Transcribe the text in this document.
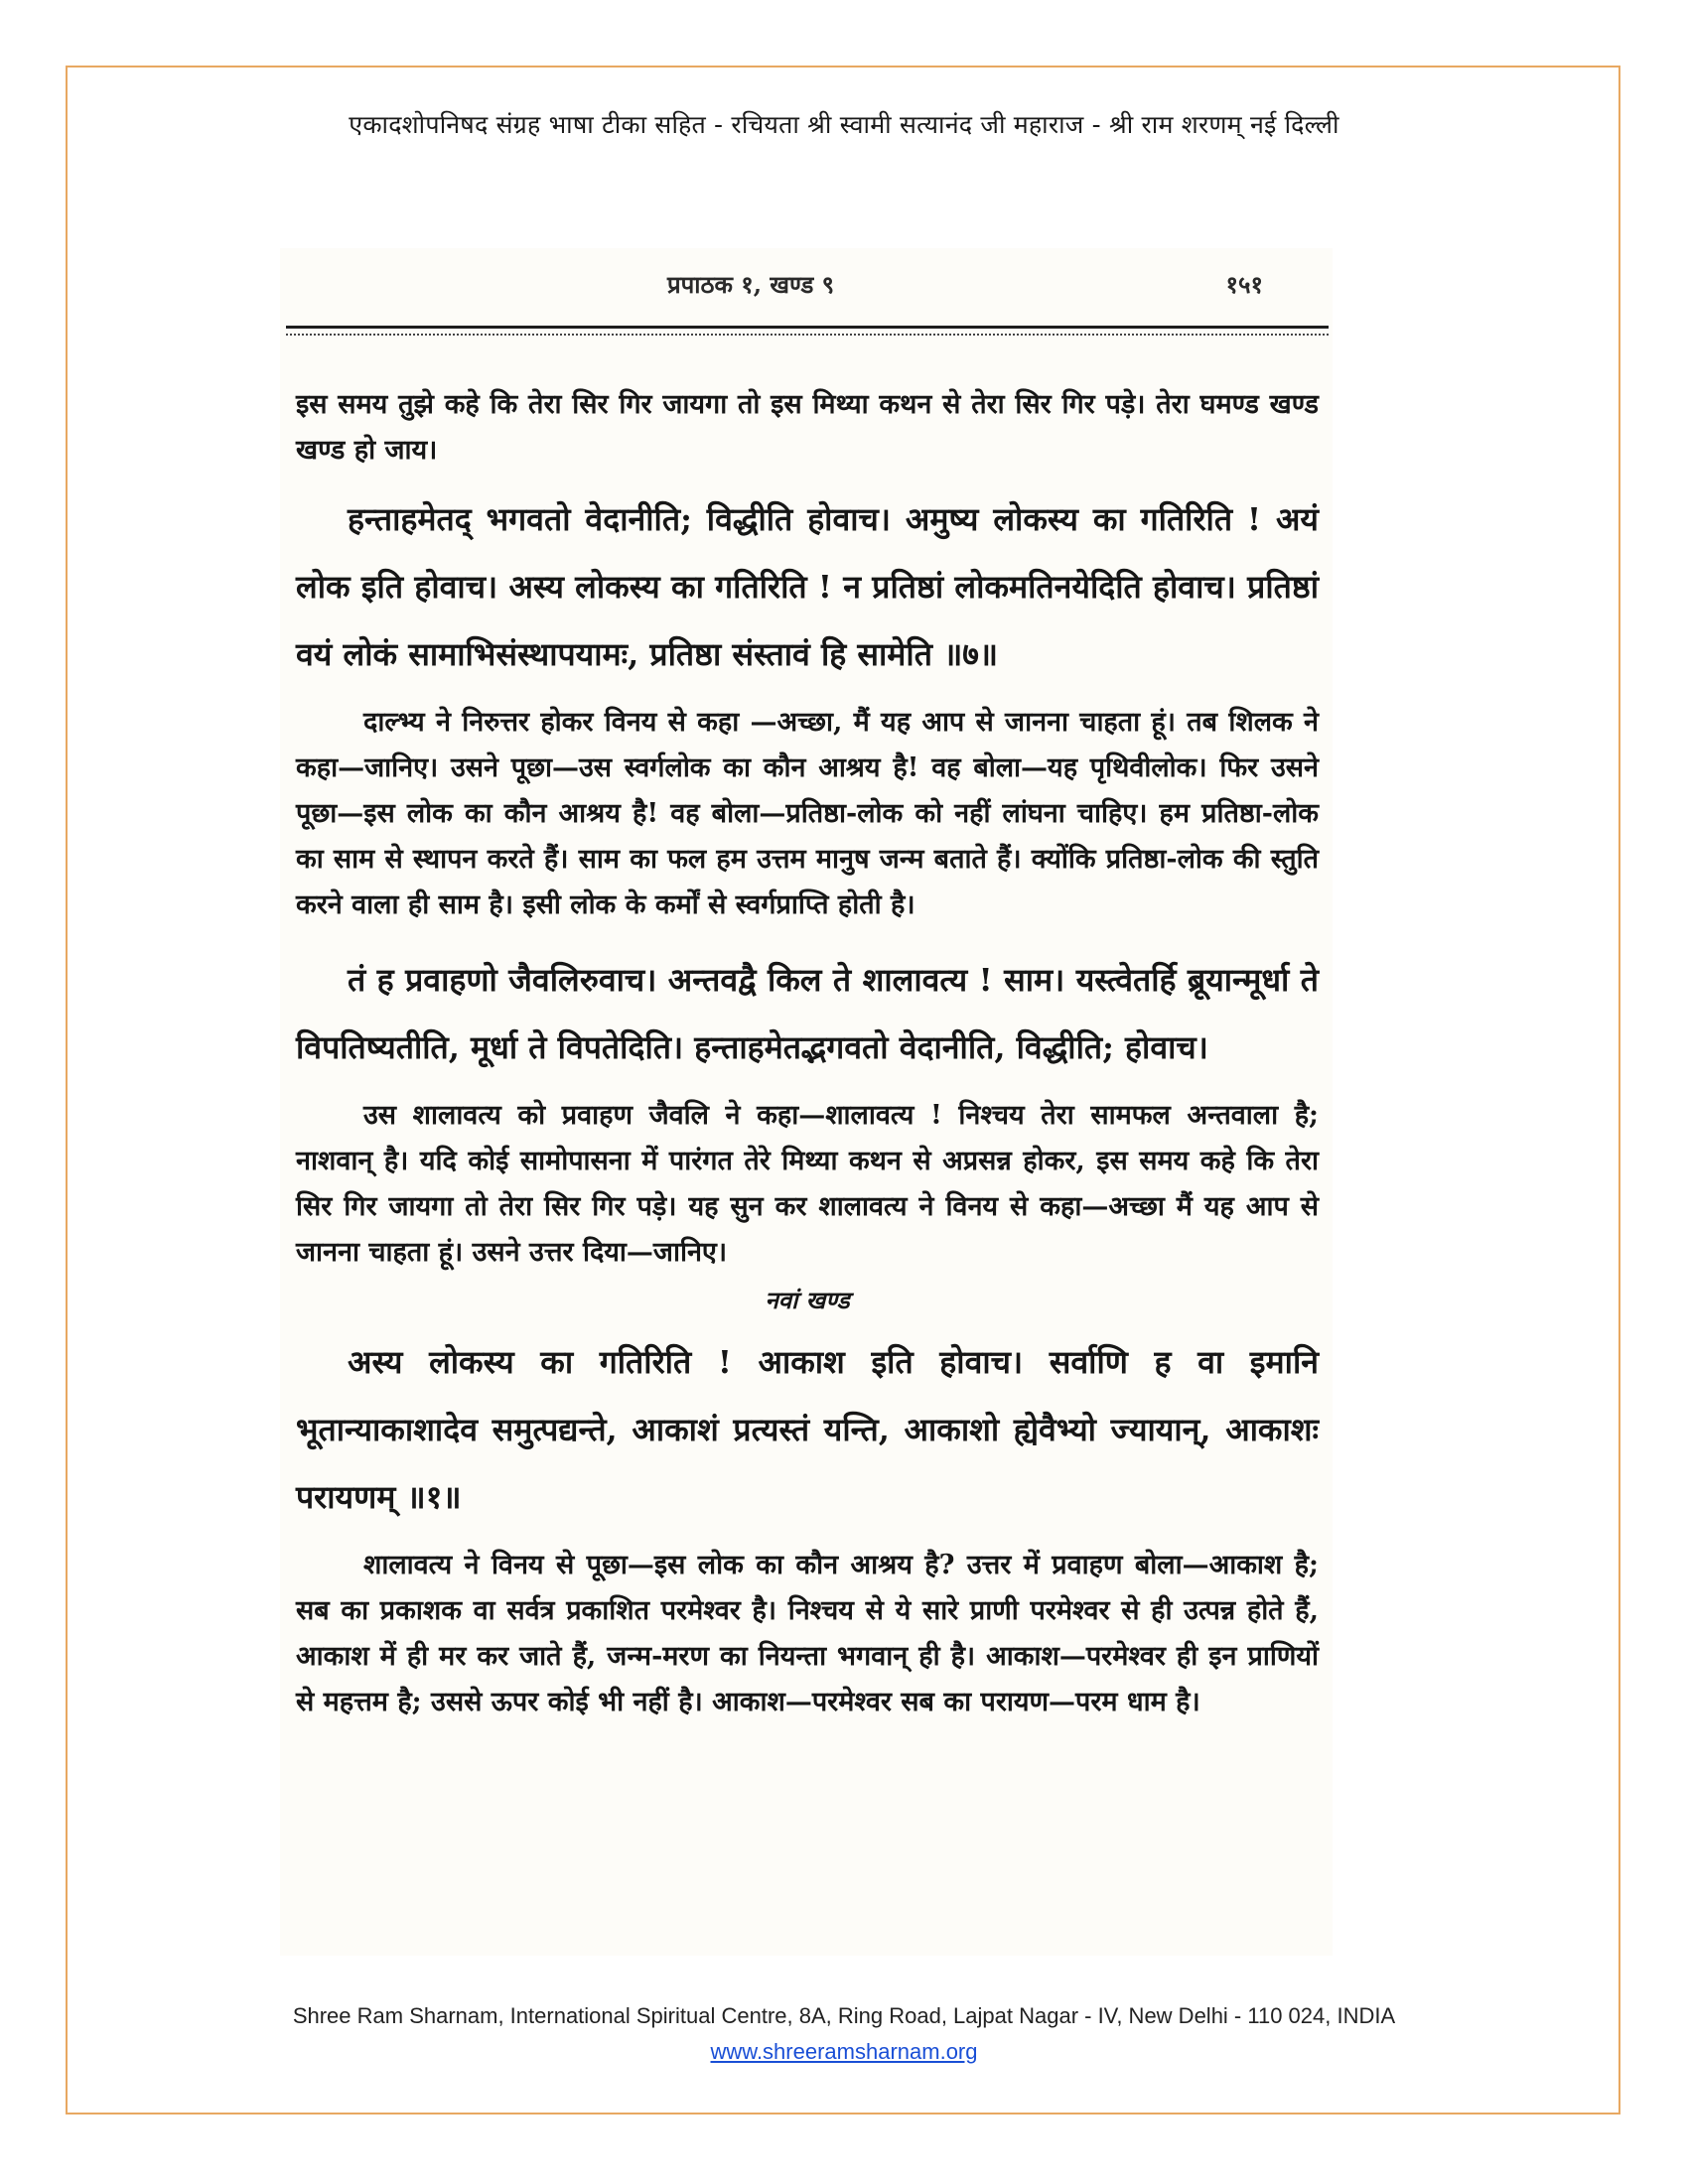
एकादशोपनिषद संग्रह भाषा टीका सहित - रचियता श्री स्वामी सत्यानंद जी महाराज - श्री राम शरणम् नई दिल्ली
प्रपाठक १, खण्ड ९	१५१

इस समय तुझे कहे कि तेरा सिर गिर जायगा तो इस मिथ्या कथन से तेरा सिर गिर पड़े। तेरा घमण्ड खण्ड खण्ड हो जाय।

हन्ताहमेतद् भगवतो वेदानीति; विद्धीति होवाच। अमुष्य लोकस्य का गतिरिति ! अयं लोक इति होवाच। अस्य लोकस्य का गतिरिति ! न प्रतिष्ठां लोकमतिनयेदिति होवाच। प्रतिष्ठां वयं लोकं सामाभिसंस्थापयामः, प्रतिष्ठा संस्तावं हि सामेति ॥७॥

दाल्भ्य ने निरुत्तर होकर विनय से कहा —अच्छा, मैं यह आप से जानना चाहता हूं। तब शिलक ने कहा—जानिए। उसने पूछा—उस स्वर्गलोक का कौन आश्रय है! वह बोला—यह पृथिवीलोक। फिर उसने पूछा—इस लोक का कौन आश्रय है! वह बोला—प्रतिष्ठा-लोक को नहीं लांघना चाहिए। हम प्रतिष्ठा-लोक का साम से स्थापन करते हैं। साम का फल हम उत्तम मानुष जन्म बताते हैं। क्योंकि प्रतिष्ठा-लोक की स्तुति करने वाला ही साम है। इसी लोक के कर्मों से स्वर्गप्राप्ति होती है।

तं ह प्रवाहणो जैवलिरुवाच। अन्तवद्वै किल ते शालावत्य ! साम। यस्त्वेतर्हि ब्रूयान्मूर्धा ते विपतिष्यतीति, मूर्धा ते विपतेदिति। हन्ताहमेतद्भगवतो वेदानीति, विद्धीति; होवाच।

उस शालावत्य को प्रवाहण जैवलि ने कहा—शालावत्य ! निश्चय तेरा सामफल अन्तवाला है; नाशवान् है। यदि कोई सामोपासना में पारंगत तेरे मिथ्या कथन से अप्रसन्न होकर, इस समय कहे कि तेरा सिर गिर जायगा तो तेरा सिर गिर पड़े। यह सुन कर शालावत्य ने विनय से कहा—अच्छा मैं यह आप से जानना चाहता हूं। उसने उत्तर दिया—जानिए।

नवां खण्ड

अस्य लोकस्य का गतिरिति ! आकाश इति होवाच। सर्वाणि ह वा इमानि भूतान्याकाशादेव समुत्पद्यन्ते, आकाशं प्रत्यस्तं यन्ति, आकाशो ह्येवैभ्यो ज्यायान्, आकाशः परायणम् ॥१॥

शालावत्य ने विनय से पूछा—इस लोक का कौन आश्रय है? उत्तर में प्रवाहण बोला—आकाश है; सब का प्रकाशक वा सर्वत्र प्रकाशित परमेश्वर है। निश्चय से ये सारे प्राणी परमेश्वर से ही उत्पन्न होते हैं, आकाश में ही मर कर जाते हैं, जन्म-मरण का नियन्ता भगवान् ही है। आकाश—परमेश्वर ही इन प्राणियों से महत्तम है; उससे ऊपर कोई भी नहीं है। आकाश—परमेश्वर सब का परायण—परम धाम है।

Shree Ram Sharnam, International Spiritual Centre, 8A, Ring Road, Lajpat Nagar - IV, New Delhi - 110 024, INDIA
www.shreeramsharnam.org
